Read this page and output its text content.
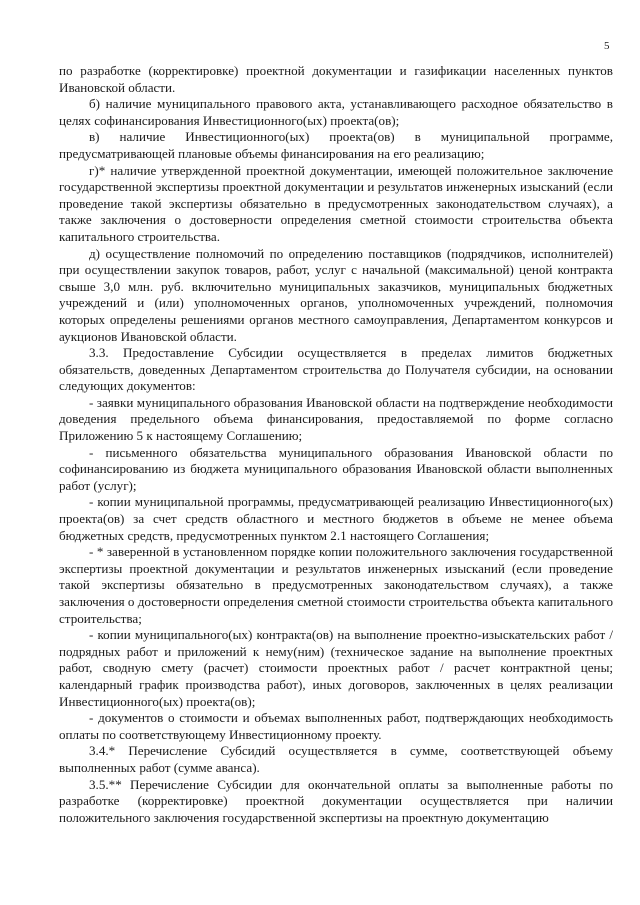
5

по разработке (корректировке) проектной документации и газификации населенных пунктов Ивановской области.

б) наличие муниципального правового акта, устанавливающего расходное обязательство в целях софинансирования Инвестиционного(ых) проекта(ов);

в) наличие Инвестиционного(ых) проекта(ов) в муниципальной программе, предусматривающей плановые объемы финансирования на его реализацию;

г)* наличие утвержденной проектной документации, имеющей положительное заключение государственной экспертизы проектной документации и результатов инженерных изысканий (если проведение такой экспертизы обязательно в предусмотренных законодательством случаях), а также заключения о достоверности определения сметной стоимости строительства объекта капитального строительства.

д) осуществление полномочий по определению поставщиков (подрядчиков, исполнителей) при осуществлении закупок товаров, работ, услуг с начальной (максимальной) ценой контракта свыше 3,0 млн. руб. включительно муниципальных заказчиков, муниципальных бюджетных учреждений и (или) уполномоченных органов, уполномоченных учреждений, полномочия которых определены решениями органов местного самоуправления, Департаментом конкурсов и аукционов Ивановской области.

3.3. Предоставление Субсидии осуществляется в пределах лимитов бюджетных обязательств, доведенных Департаментом строительства до Получателя субсидии, на основании следующих документов:

- заявки муниципального образования Ивановской области на подтверждение необходимости доведения предельного объема финансирования, предоставляемой по форме согласно Приложению 5 к настоящему Соглашению;

- письменного обязательства муниципального образования Ивановской области по софинансированию из бюджета муниципального образования Ивановской области выполненных работ (услуг);

- копии муниципальной программы, предусматривающей реализацию Инвестиционного(ых) проекта(ов) за счет средств областного и местного бюджетов в объеме не менее объема бюджетных средств, предусмотренных пунктом 2.1 настоящего Соглашения;

- * заверенной в установленном порядке копии положительного заключения государственной экспертизы проектной документации и результатов инженерных изысканий (если проведение такой экспертизы обязательно в предусмотренных законодательством случаях), а также заключения о достоверности определения сметной стоимости строительства объекта капитального строительства;

- копии муниципального(ых) контракта(ов) на выполнение проектно-изыскательских работ / подрядных работ и приложений к нему(ним) (техническое задание на выполнение проектных работ, сводную смету (расчет) стоимости проектных работ / расчет контрактной цены; календарный график производства работ), иных договоров, заключенных в целях реализации Инвестиционного(ых) проекта(ов);

- документов о стоимости и объемах выполненных работ, подтверждающих необходимость оплаты по соответствующему Инвестиционному проекту.

3.4.* Перечисление Субсидий осуществляется в сумме, соответствующей объему выполненных работ (сумме аванса).

3.5.** Перечисление Субсидии для окончательной оплаты за выполненные работы по разработке (корректировке) проектной документации осуществляется при наличии положительного заключения государственной экспертизы на проектную документацию
